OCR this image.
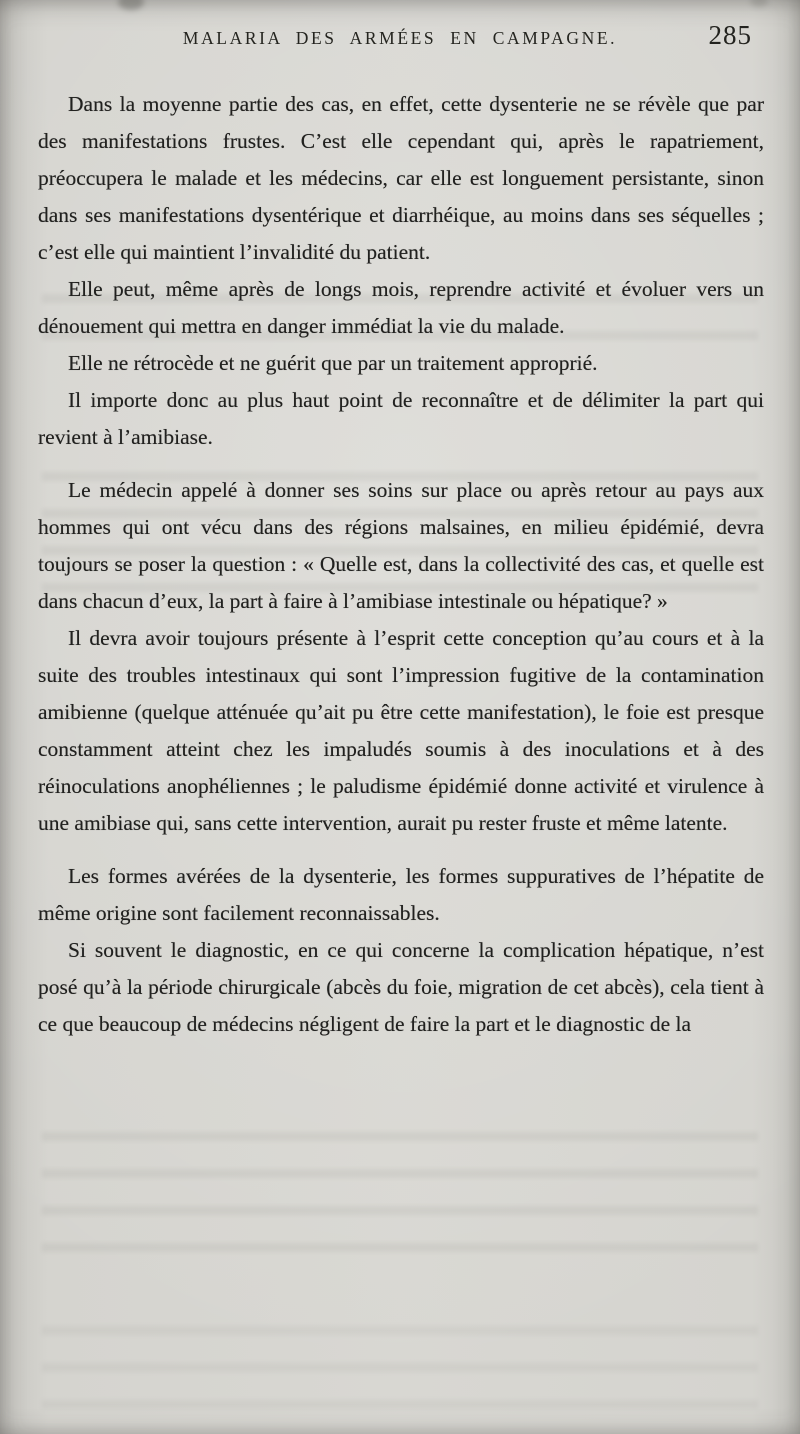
MALARIA DES ARMÉES EN CAMPAGNE.	285

Dans la moyenne partie des cas, en effet, cette dysenterie ne se révèle que par des manifestations frustes. C’est elle cependant qui, après le rapatriement, préoccupera le malade et les médecins, car elle est longuement persistante, sinon dans ses manifestations dysentérique et diarrhéique, au moins dans ses séquelles ; c’est elle qui maintient l’invalidité du patient.

Elle peut, même après de longs mois, reprendre activité et évoluer vers un dénouement qui mettra en danger immédiat la vie du malade.

Elle ne rétrocède et ne guérit que par un traitement approprié.

Il importe donc au plus haut point de reconnaître et de délimiter la part qui revient à l’amibiase.

Le médecin appelé à donner ses soins sur place ou après retour au pays aux hommes qui ont vécu dans des régions malsaines, en milieu épidémié, devra toujours se poser la question : « Quelle est, dans la collectivité des cas, et quelle est dans chacun d’eux, la part à faire à l’amibiase intestinale ou hépatique? »

Il devra avoir toujours présente à l’esprit cette conception qu’au cours et à la suite des troubles intestinaux qui sont l’impression fugitive de la contamination amibienne (quelque atténuée qu’ait pu être cette manifestation), le foie est presque constamment atteint chez les impaludés soumis à des inoculations et à des réinoculations anophéliennes ; le paludisme épidémié donne activité et virulence à une amibiase qui, sans cette intervention, aurait pu rester fruste et même latente.

Les formes avérées de la dysenterie, les formes suppuratives de l’hépatite de même origine sont facilement reconnaissables.

Si souvent le diagnostic, en ce qui concerne la complication hépatique, n’est posé qu’à la période chirurgicale (abcès du foie, migration de cet abcès), cela tient à ce que beaucoup de médecins négligent de faire la part et le diagnostic de la
